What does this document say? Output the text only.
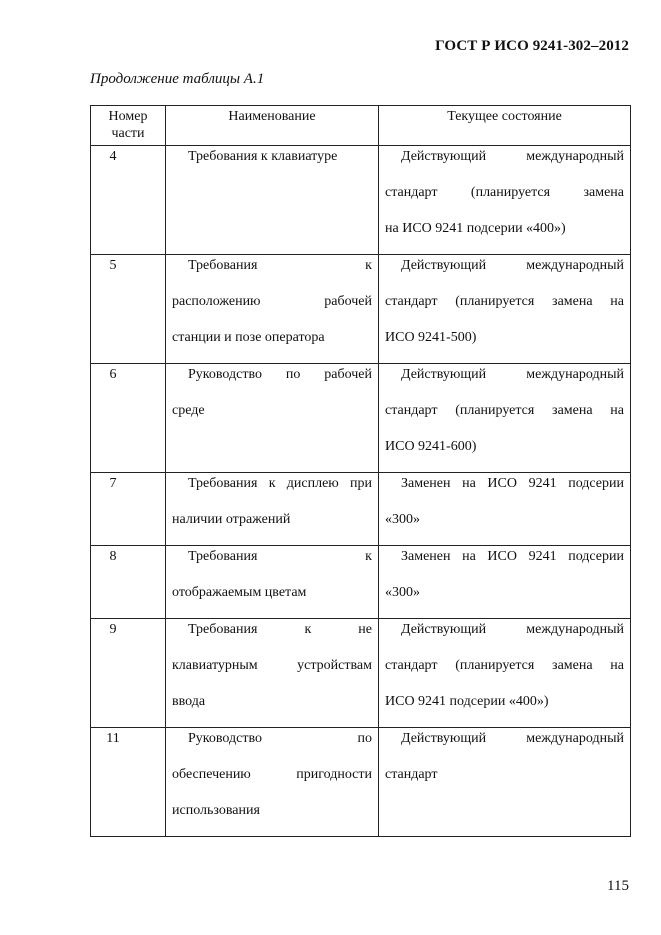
ГОСТ Р ИСО 9241-302–2012
Продолжение таблицы А.1
Номер части	Наименование	Текущее состояние
4	Требования к клавиатуре	Действующий международный
стандарт (планируется замена
на ИСО 9241 подсерии «400»)

5	Требования к
расположению рабочей
станции и позе оператора	Действующий международный
стандарт (планируется замена на
ИСО 9241-500)

6	Руководство по рабочей
среде	Действующий международный
стандарт (планируется замена на
ИСО 9241-600)

7	Требования к дисплею при
наличии отражений	Заменен на ИСО 9241 подсерии
«300»

8	Требования к
отображаемым цветам	Заменен на ИСО 9241 подсерии
«300»

9	Требования к не
клавиатурным устройствам
ввода	Действующий международный
стандарт (планируется замена на
ИСО 9241 подсерии «400»)

11	Руководство по
обеспечению пригодности
использования	Действующий международный
стандарт
115
